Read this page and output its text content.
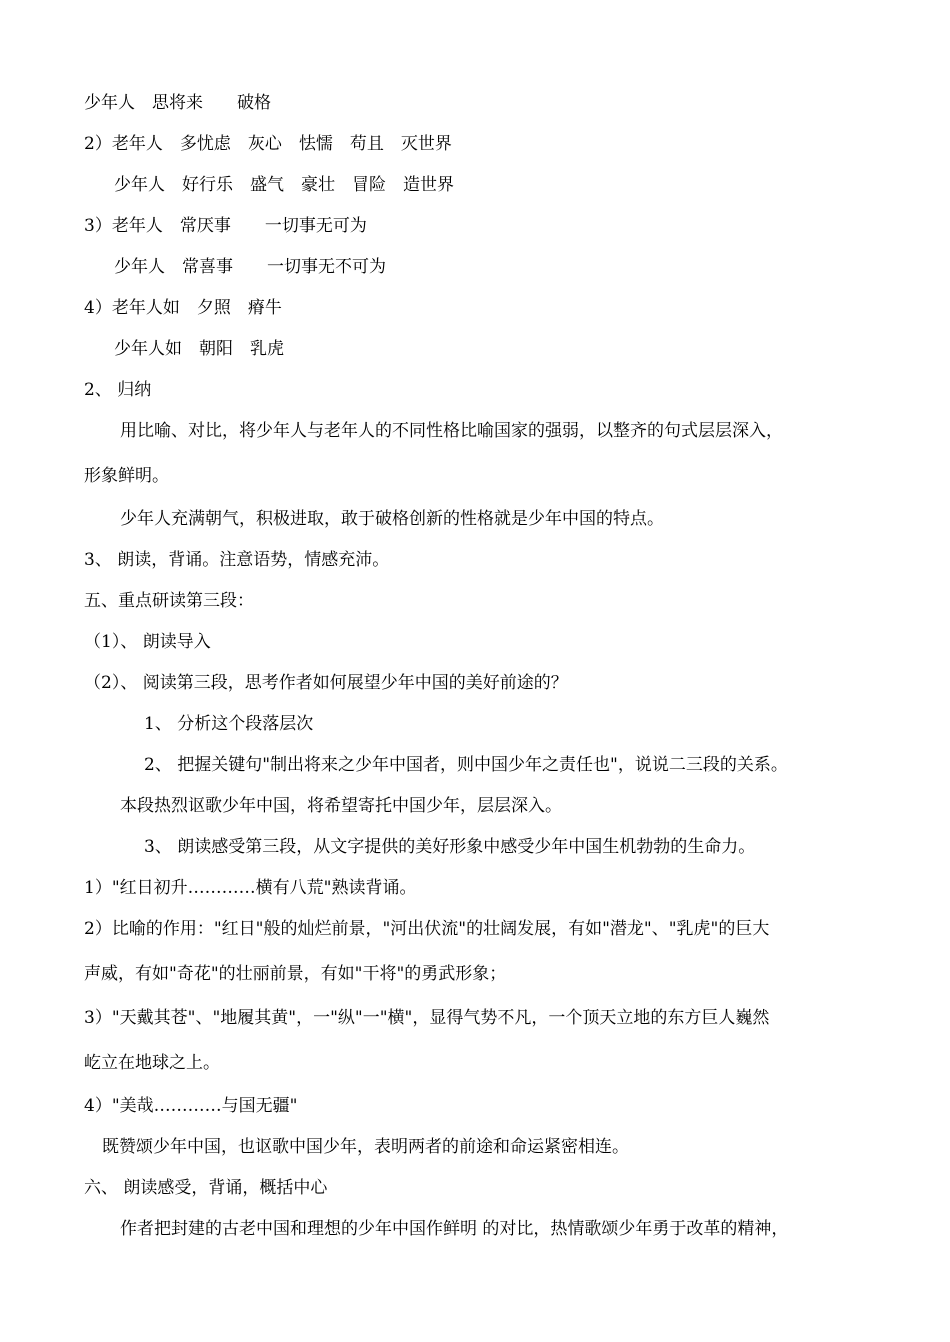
少年人　思将来　　破格
2）老年人　多忧虑　灰心　怯懦　苟且　灭世界
少年人　好行乐　盛气　豪壮　冒险　造世界
3）老年人　常厌事　　一切事无可为
少年人　常喜事　　一切事无不可为
4）老年人如　夕照　瘠牛
少年人如　朝阳　乳虎
2、 归纳
用比喻、对比，将少年人与老年人的不同性格比喻国家的强弱，以整齐的句式层层深入，
形象鲜明。
少年人充满朝气，积极进取，敢于破格创新的性格就是少年中国的特点。
3、 朗读，背诵。注意语势，情感充沛。
五、重点研读第三段：
（1）、 朗读导入
（2）、 阅读第三段，思考作者如何展望少年中国的美好前途的？
1、 分析这个段落层次
2、 把握关键句"制出将来之少年中国者，则中国少年之责任也"，说说二三段的关系。
本段热烈讴歌少年中国，将希望寄托中国少年，层层深入。
3、 朗读感受第三段，从文字提供的美好形象中感受少年中国生机勃勃的生命力。
1）"红日初升…………横有八荒"熟读背诵。
2）比喻的作用："红日"般的灿烂前景，"河出伏流"的壮阔发展，有如"潜龙"、"乳虎"的巨大
声威，有如"奇花"的壮丽前景，有如"干将"的勇武形象；
3）"天戴其苍"、"地履其黄"，一"纵"一"横"，显得气势不凡，一个顶天立地的东方巨人巍然
屹立在地球之上。
4）"美哉…………与国无疆"
既赞颂少年中国，也讴歌中国少年，表明两者的前途和命运紧密相连。
六、 朗读感受，背诵，概括中心
作者把封建的古老中国和理想的少年中国作鲜明 的对比，热情歌颂少年勇于改革的精神，
